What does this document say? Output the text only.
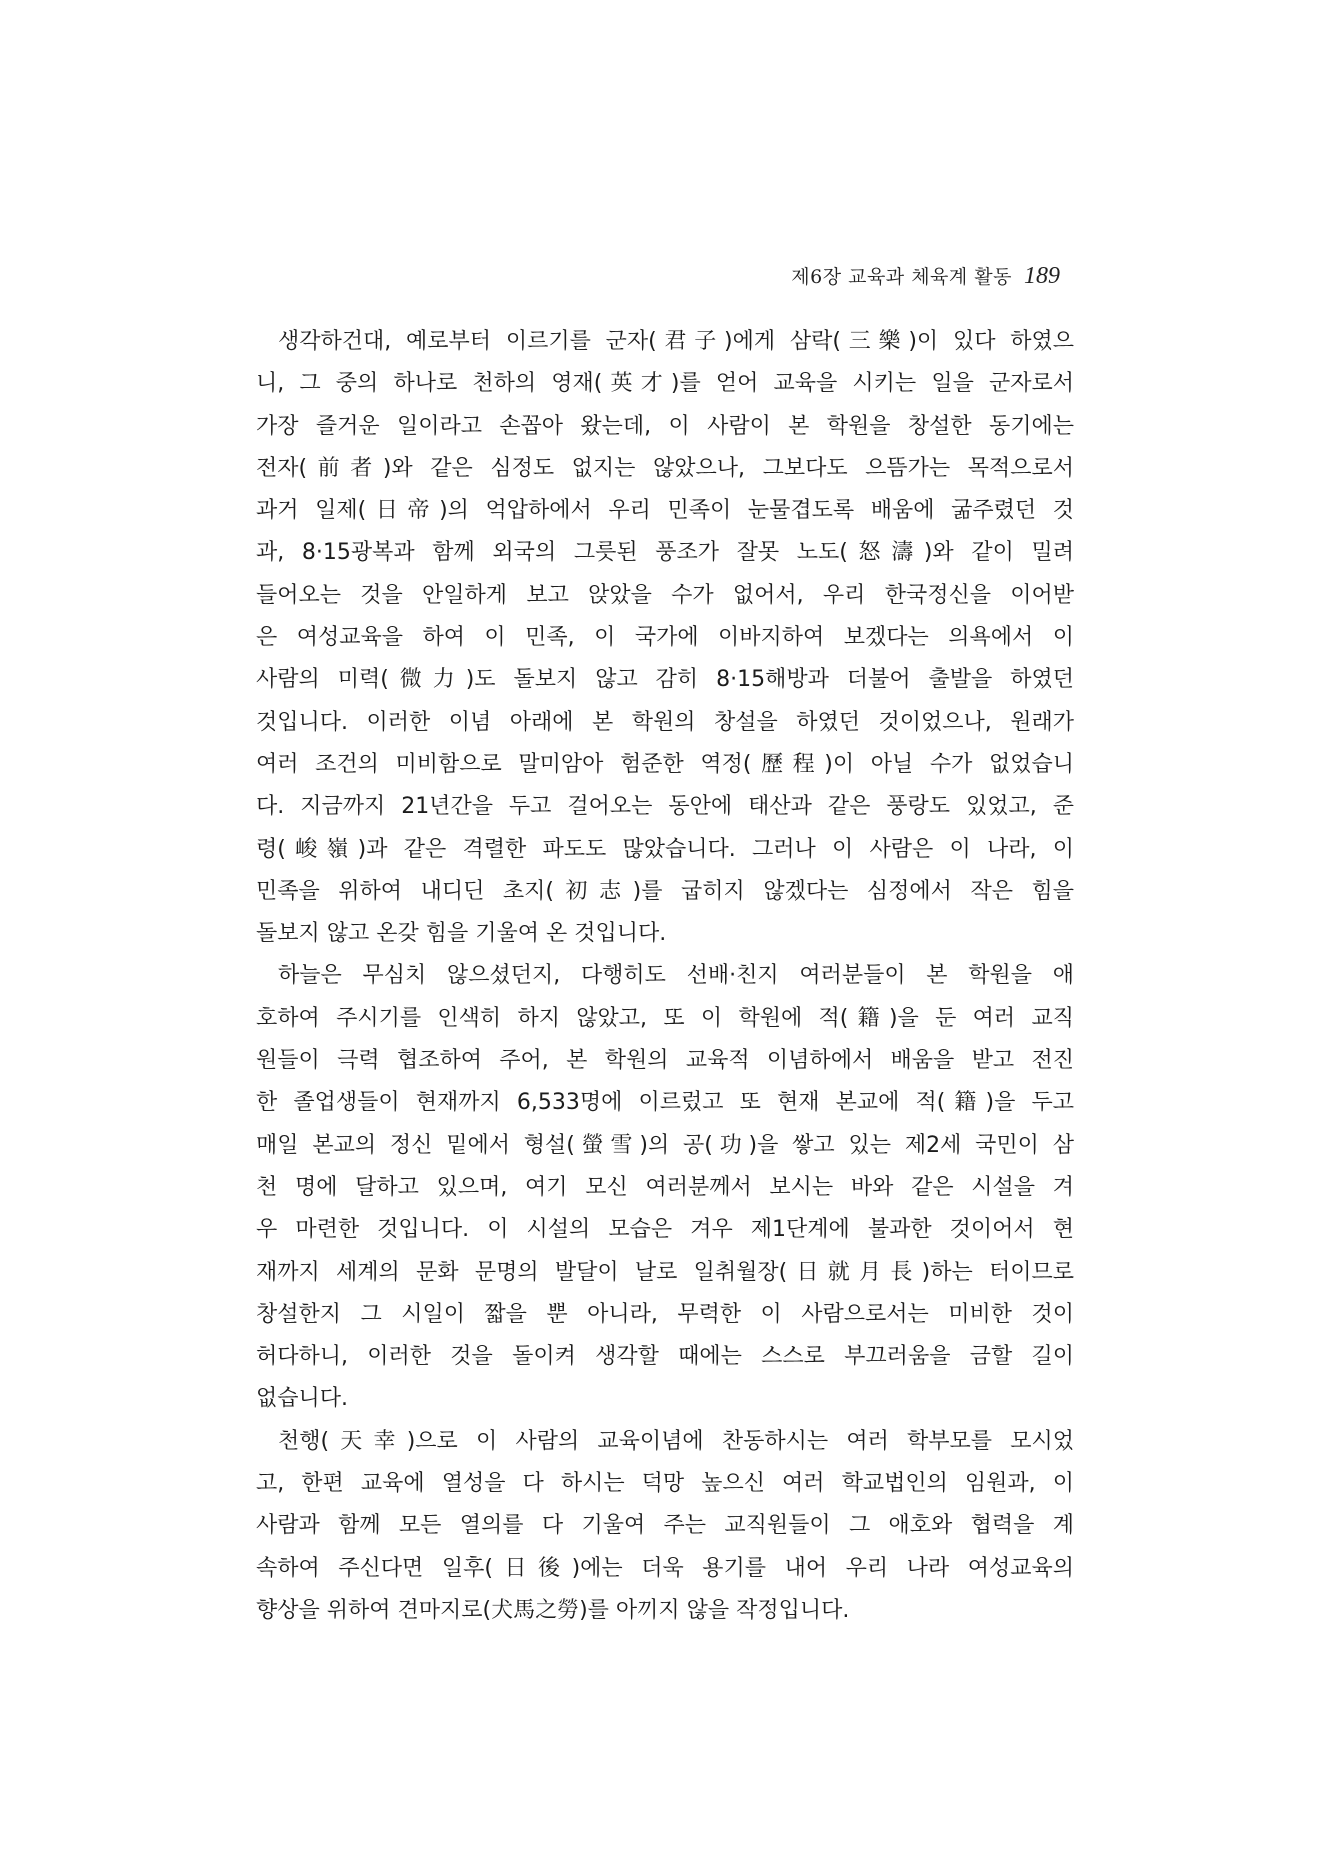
제6장 교육과 체육계 활동 189
생각하건대, 예로부터 이르기를 군자(君子)에게 삼락(三樂)이 있다 하였으
니, 그 중의 하나로 천하의 영재(英才)를 얻어 교육을 시키는 일을 군자로서
가장 즐거운 일이라고 손꼽아 왔는데, 이 사람이 본 학원을 창설한 동기에는
전자(前者)와 같은 심정도 없지는 않았으나, 그보다도 으뜸가는 목적으로서
과거 일제(日帝)의 억압하에서 우리 민족이 눈물겹도록 배움에 굶주렸던 것
과, 8·15광복과 함께 외국의 그릇된 풍조가 잘못 노도(怒濤)와 같이 밀려
들어오는 것을 안일하게 보고 앉았을 수가 없어서, 우리 한국정신을 이어받
은 여성교육을 하여 이 민족, 이 국가에 이바지하여 보겠다는 의욕에서 이
사람의 미력(微力)도 돌보지 않고 감히 8·15해방과 더불어 출발을 하였던
것입니다. 이러한 이념 아래에 본 학원의 창설을 하였던 것이었으나, 원래가
여러 조건의 미비함으로 말미암아 험준한 역정(歷程)이 아닐 수가 없었습니
다. 지금까지 21년간을 두고 걸어오는 동안에 태산과 같은 풍랑도 있었고, 준
령(峻嶺)과 같은 격렬한 파도도 많았습니다. 그러나 이 사람은 이 나라, 이
민족을 위하여 내디딘 초지(初志)를 굽히지 않겠다는 심정에서 작은 힘을
돌보지 않고 온갖 힘을 기울여 온 것입니다.
하늘은 무심치 않으셨던지, 다행히도 선배·친지 여러분들이 본 학원을 애
호하여 주시기를 인색히 하지 않았고, 또 이 학원에 적(籍)을 둔 여러 교직
원들이 극력 협조하여 주어, 본 학원의 교육적 이념하에서 배움을 받고 전진
한 졸업생들이 현재까지 6,533명에 이르렀고 또 현재 본교에 적(籍)을 두고
매일 본교의 정신 밑에서 형설(螢雪)의 공(功)을 쌓고 있는 제2세 국민이 삼
천 명에 달하고 있으며, 여기 모신 여러분께서 보시는 바와 같은 시설을 겨
우 마련한 것입니다. 이 시설의 모습은 겨우 제1단계에 불과한 것이어서 현
재까지 세계의 문화 문명의 발달이 날로 일취월장(日就月長)하는 터이므로
창설한지 그 시일이 짧을 뿐 아니라, 무력한 이 사람으로서는 미비한 것이
허다하니, 이러한 것을 돌이켜 생각할 때에는 스스로 부끄러움을 금할 길이
없습니다.
천행(天幸)으로 이 사람의 교육이념에 찬동하시는 여러 학부모를 모시었
고, 한편 교육에 열성을 다 하시는 덕망 높으신 여러 학교법인의 임원과, 이
사람과 함께 모든 열의를 다 기울여 주는 교직원들이 그 애호와 협력을 계
속하여 주신다면 일후(日後)에는 더욱 용기를 내어 우리 나라 여성교육의
향상을 위하여 견마지로(犬馬之勞)를 아끼지 않을 작정입니다.
